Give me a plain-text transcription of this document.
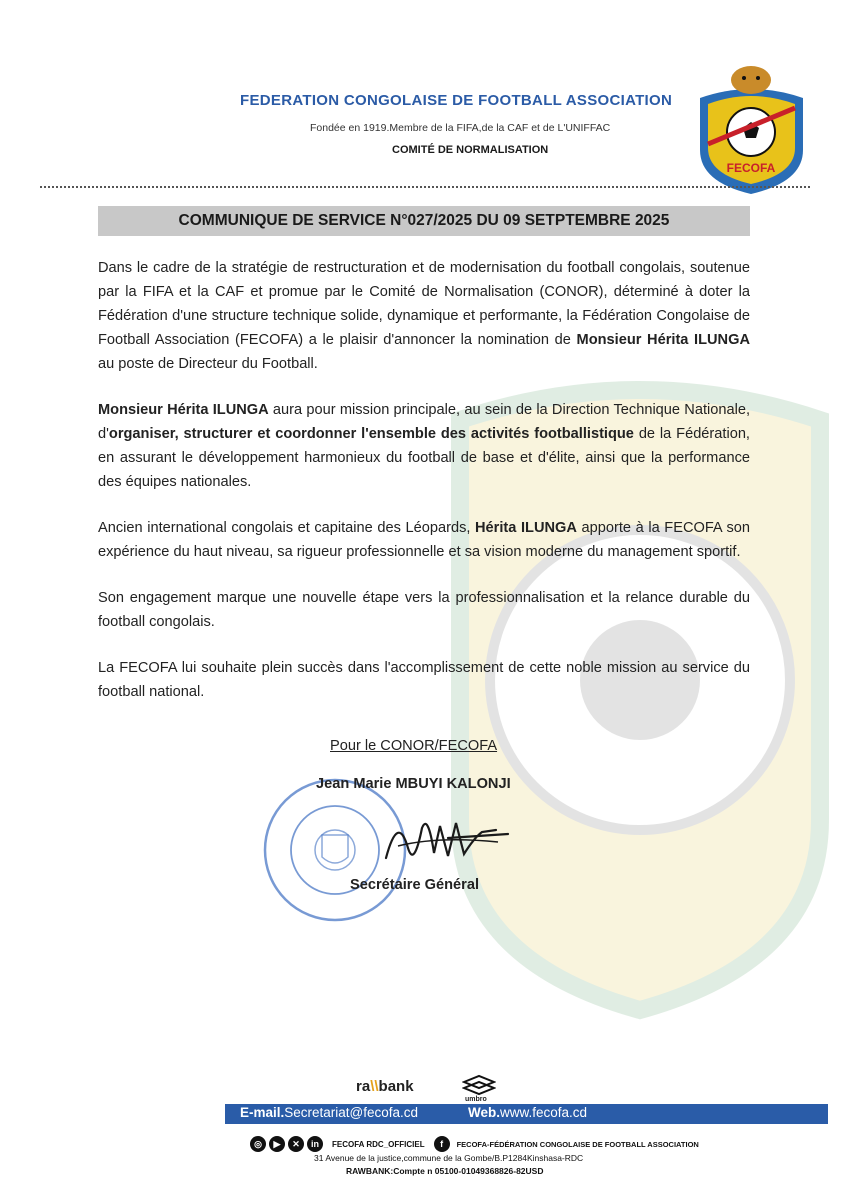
FEDERATION CONGOLAISE DE FOOTBALL ASSOCIATION
Fondée en 1919.Membre de la FIFA,de la CAF et de L'UNIFFAC
COMITÉ DE NORMALISATION
FECOFA
COMMUNIQUE DE SERVICE N°027/2025 DU 09 SETPTEMBRE 2025

Dans le cadre de la stratégie de restructuration et de modernisation du football congolais, soutenue par la FIFA et la CAF et promue par le Comité de Normalisation (CONOR), déterminé à doter la Fédération d'une structure technique solide, dynamique et performante, la Fédération Congolaise de Football Association (FECOFA) a le plaisir d'annoncer la nomination de Monsieur Hérita ILUNGA au poste de Directeur du Football.

Monsieur Hérita ILUNGA aura pour mission principale, au sein de la Direction Technique Nationale, d'organiser, structurer et coordonner l'ensemble des activités footballistique de la Fédération, en assurant le développement harmonieux du football de base et d'élite, ainsi que la performance des équipes nationales.

Ancien international congolais et capitaine des Léopards, Hérita ILUNGA apporte à la FECOFA son expérience du haut niveau, sa rigueur professionnelle et sa vision moderne du management sportif.

Son engagement marque une nouvelle étape vers la professionnalisation et la relance durable du football congolais.

La FECOFA lui souhaite plein succès dans l'accomplissement de cette noble mission au service du football national.

Pour le CONOR/FECOFA
Jean Marie MBUYI KALONJI
Secrétaire Général
ra\\bank
umbro
E-mail.Secretariat@fecofa.cd	Web.www.fecofa.cd
◎	▶	✕	in	FECOFA RDC_OFFICIEL	f	FECOFA-FÉDÉRATION CONGOLAISE DE FOOTBALL ASSOCIATION
31 Avenue de la justice,commune de la Gombe/B.P1284Kinshasa-RDC
RAWBANK:Compte n 05100-01049368826-82USD
